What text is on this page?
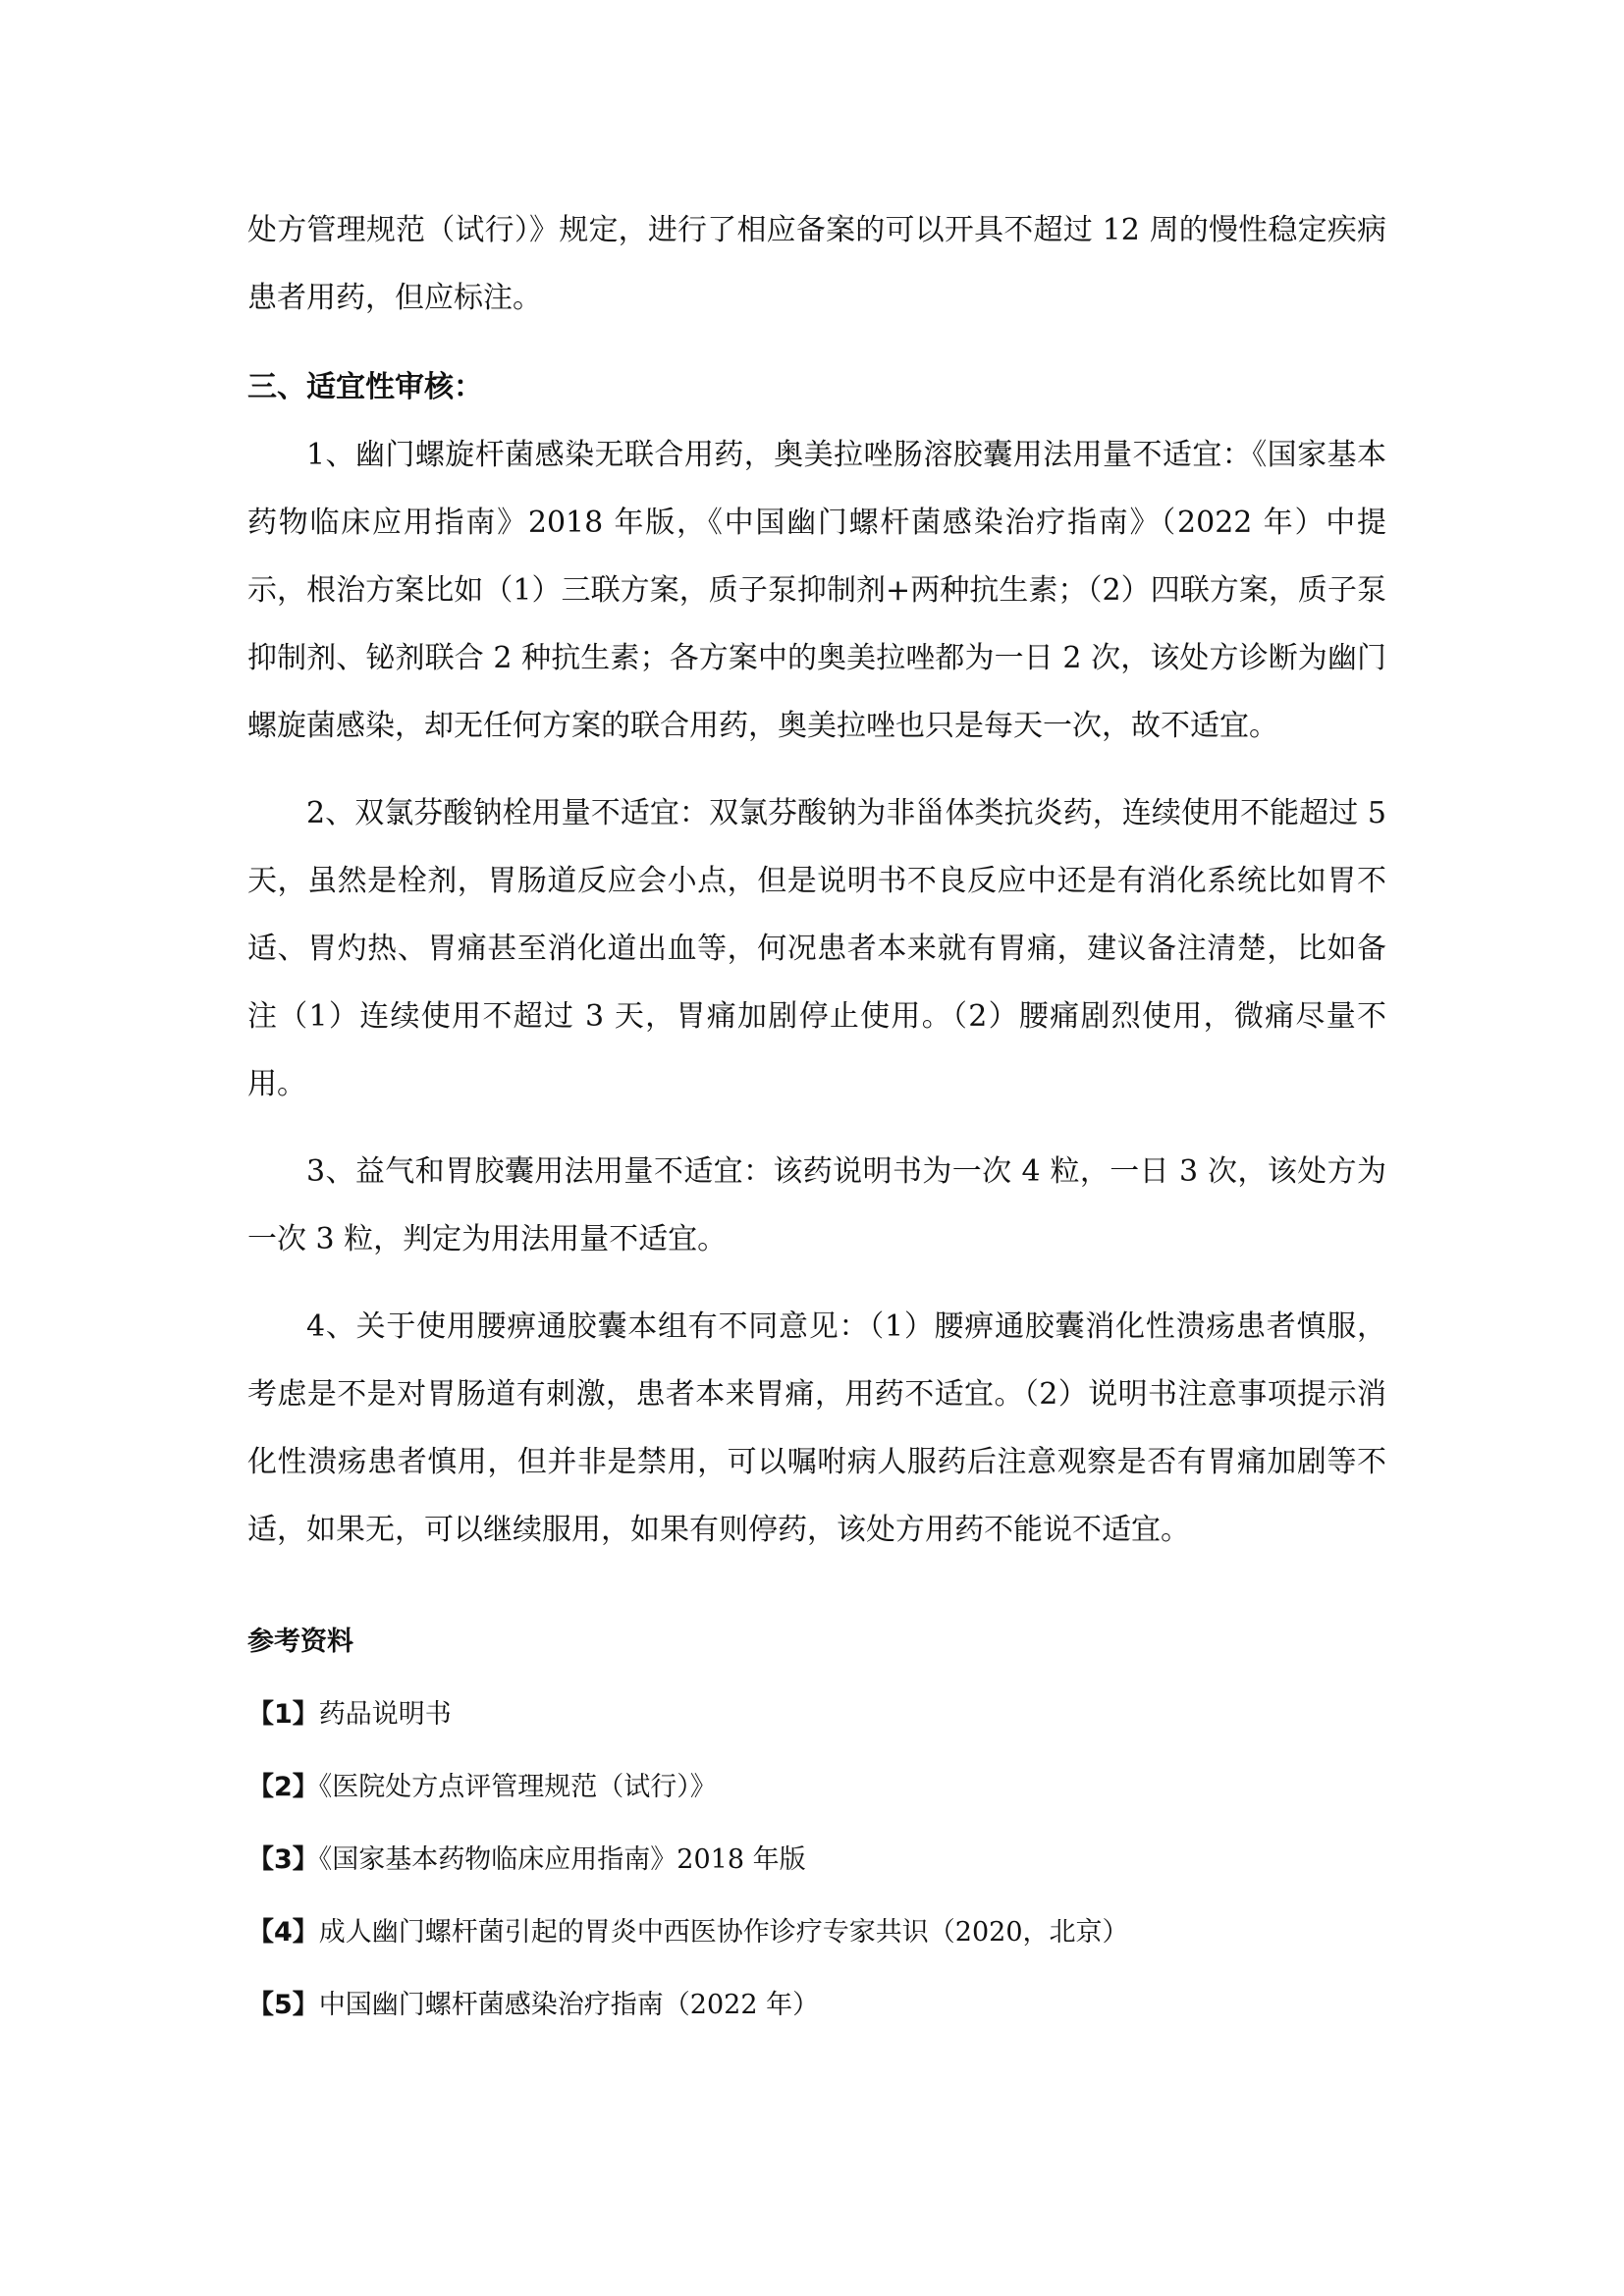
处方管理规范（试行）》规定，进行了相应备案的可以开具不超过 12 周的慢性稳定疾病患者用药，但应标注。

三、适宜性审核：

1、幽门螺旋杆菌感染无联合用药，奥美拉唑肠溶胶囊用法用量不适宜：《国家基本药物临床应用指南》2018 年版，《中国幽门螺杆菌感染治疗指南》（2022 年）中提示，根治方案比如（1）三联方案，质子泵抑制剂+两种抗生素；（2）四联方案，质子泵抑制剂、铋剂联合 2 种抗生素；各方案中的奥美拉唑都为一日 2 次，该处方诊断为幽门螺旋菌感染，却无任何方案的联合用药，奥美拉唑也只是每天一次，故不适宜。

2、双氯芬酸钠栓用量不适宜：双氯芬酸钠为非甾体类抗炎药，连续使用不能超过 5 天，虽然是栓剂，胃肠道反应会小点，但是说明书不良反应中还是有消化系统比如胃不适、胃灼热、胃痛甚至消化道出血等，何况患者本来就有胃痛，建议备注清楚，比如备注（1）连续使用不超过 3 天，胃痛加剧停止使用。（2）腰痛剧烈使用，微痛尽量不用。

3、益气和胃胶囊用法用量不适宜：该药说明书为一次 4 粒，一日 3 次，该处方为一次 3 粒，判定为用法用量不适宜。

4、关于使用腰痹通胶囊本组有不同意见：（1）腰痹通胶囊消化性溃疡患者慎服，考虑是不是对胃肠道有刺激，患者本来胃痛，用药不适宜。（2）说明书注意事项提示消化性溃疡患者慎用，但并非是禁用，可以嘱咐病人服药后注意观察是否有胃痛加剧等不适，如果无，可以继续服用，如果有则停药，该处方用药不能说不适宜。

参考资料
【1】药品说明书
【2】《医院处方点评管理规范（试行）》
【3】《国家基本药物临床应用指南》2018 年版
【4】成人幽门螺杆菌引起的胃炎中西医协作诊疗专家共识（2020，北京）
【5】中国幽门螺杆菌感染治疗指南（2022 年）
